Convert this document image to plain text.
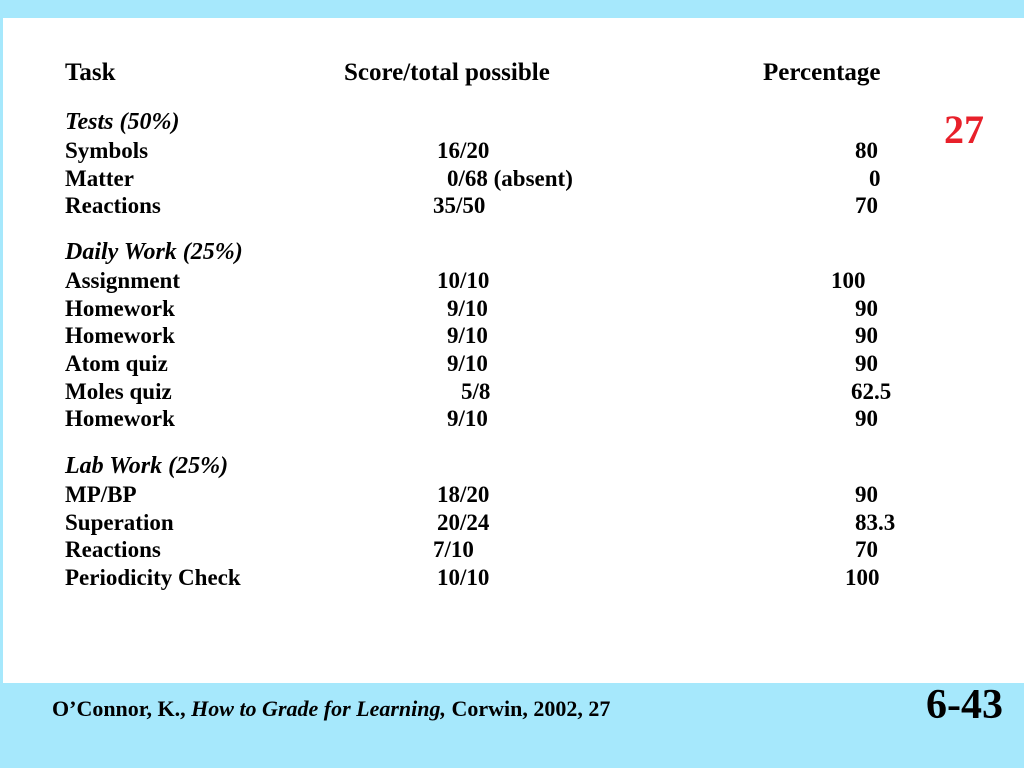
Task	Score/total possible	Percentage
Tests (50%)
Symbols	16/20	80
Matter	0/68 (absent)	0
Reactions	35/50	70
Daily Work (25%)
Assignment	10/10	100
Homework	9/10	90
Homework	9/10	90
Atom quiz	9/10	90
Moles quiz	5/8	62.5
Homework	9/10	90
Lab Work (25%)
MP/BP	18/20	90
Superation	20/24	83.3
Reactions	7/10	70
Periodicity Check	10/10	100
27
O’Connor, K., How to Grade for Learning, Corwin, 2002, 27	6-43
